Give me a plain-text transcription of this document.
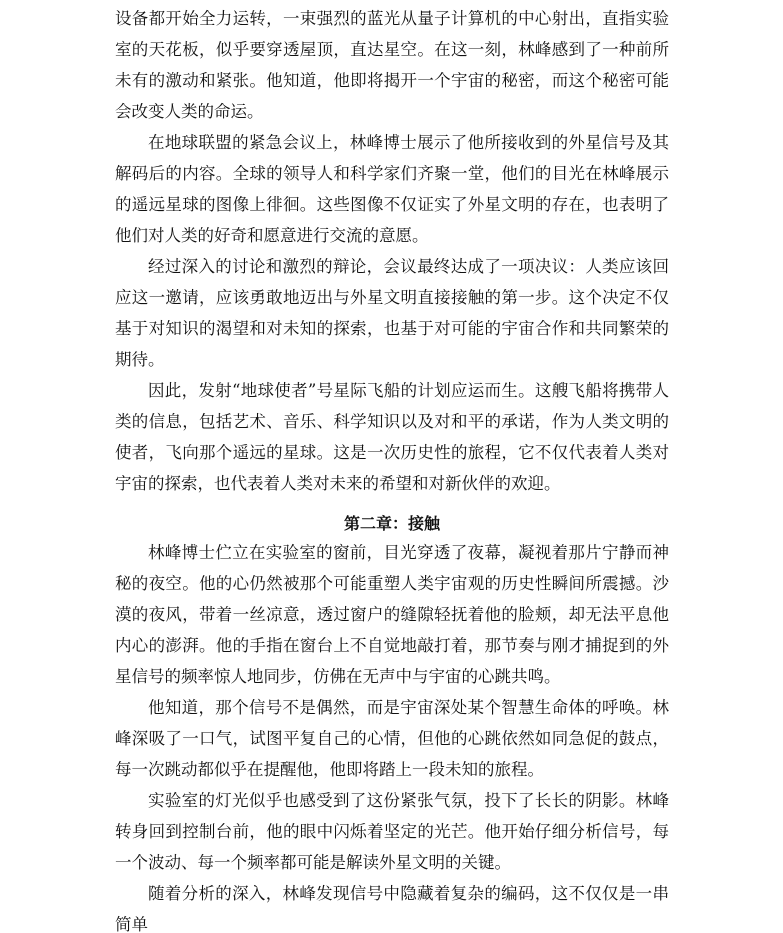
设备都开始全力运转，一束强烈的蓝光从量子计算机的中心射出，直指实验室的天花板，似乎要穿透屋顶，直达星空。在这一刻，林峰感到了一种前所未有的激动和紧张。他知道，他即将揭开一个宇宙的秘密，而这个秘密可能会改变人类的命运。

在地球联盟的紧急会议上，林峰博士展示了他所接收到的外星信号及其解码后的内容。全球的领导人和科学家们齐聚一堂，他们的目光在林峰展示的遥远星球的图像上徘徊。这些图像不仅证实了外星文明的存在，也表明了他们对人类的好奇和愿意进行交流的意愿。

经过深入的讨论和激烈的辩论，会议最终达成了一项决议：人类应该回应这一邀请，应该勇敢地迈出与外星文明直接接触的第一步。这个决定不仅基于对知识的渴望和对未知的探索，也基于对可能的宇宙合作和共同繁荣的期待。

因此，发射“地球使者”号星际飞船的计划应运而生。这艘飞船将携带人类的信息，包括艺术、音乐、科学知识以及对和平的承诺，作为人类文明的使者，飞向那个遥远的星球。这是一次历史性的旅程，它不仅代表着人类对宇宙的探索，也代表着人类对未来的希望和对新伙伴的欢迎。

第二章：接触

林峰博士伫立在实验室的窗前，目光穿透了夜幕，凝视着那片宁静而神秘的夜空。他的心仍然被那个可能重塑人类宇宙观的历史性瞬间所震撼。沙漠的夜风，带着一丝凉意，透过窗户的缝隙轻抚着他的脸颊，却无法平息他内心的澎湃。他的手指在窗台上不自觉地敲打着，那节奏与刚才捕捉到的外星信号的频率惊人地同步，仿佛在无声中与宇宙的心跳共鸣。

他知道，那个信号不是偶然，而是宇宙深处某个智慧生命体的呼唤。林峰深吸了一口气，试图平复自己的心情，但他的心跳依然如同急促的鼓点，每一次跳动都似乎在提醒他，他即将踏上一段未知的旅程。

实验室的灯光似乎也感受到了这份紧张气氛，投下了长长的阴影。林峰转身回到控制台前，他的眼中闪烁着坚定的光芒。他开始仔细分析信号，每一个波动、每一个频率都可能是解读外星文明的关键。

随着分析的深入，林峰发现信号中隐藏着复杂的编码，这不仅仅是一串简单
